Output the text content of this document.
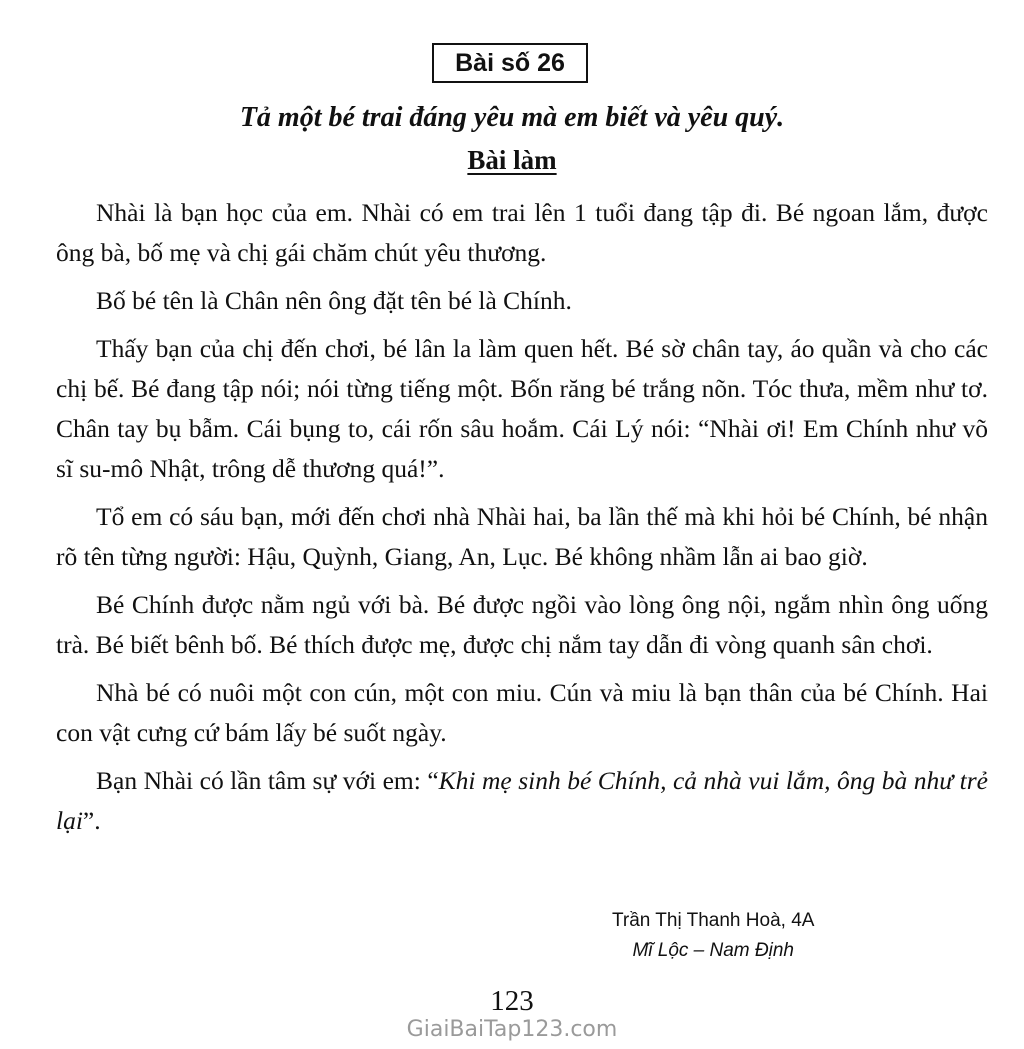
Bài số 26
Tả một bé trai đáng yêu mà em biết và yêu quý.
Bài làm

Nhài là bạn học của em. Nhài có em trai lên 1 tuổi đang tập đi. Bé ngoan lắm, được ông bà, bố mẹ và chị gái chăm chút yêu thương.

Bố bé tên là Chân nên ông đặt tên bé là Chính.

Thấy bạn của chị đến chơi, bé lân la làm quen hết. Bé sờ chân tay, áo quần và cho các chị bế. Bé đang tập nói; nói từng tiếng một. Bốn răng bé trắng nõn. Tóc thưa, mềm như tơ. Chân tay bụ bẫm. Cái bụng to, cái rốn sâu hoắm. Cái Lý nói: “Nhài ơi! Em Chính như võ sĩ su-mô Nhật, trông dễ thương quá!”.

Tổ em có sáu bạn, mới đến chơi nhà Nhài hai, ba lần thế mà khi hỏi bé Chính, bé nhận rõ tên từng người: Hậu, Quỳnh, Giang, An, Lục. Bé không nhầm lẫn ai bao giờ.

Bé Chính được nằm ngủ với bà. Bé được ngồi vào lòng ông nội, ngắm nhìn ông uống trà. Bé biết bênh bố. Bé thích được mẹ, được chị nắm tay dẫn đi vòng quanh sân chơi.

Nhà bé có nuôi một con cún, một con miu. Cún và miu là bạn thân của bé Chính. Hai con vật cưng cứ bám lấy bé suốt ngày.

Bạn Nhài có lần tâm sự với em: “Khi mẹ sinh bé Chính, cả nhà vui lắm, ông bà như trẻ lại”.

Trần Thị Thanh Hoà, 4A
Mĩ Lộc – Nam Định
123
GiaiBaiTap123.com
